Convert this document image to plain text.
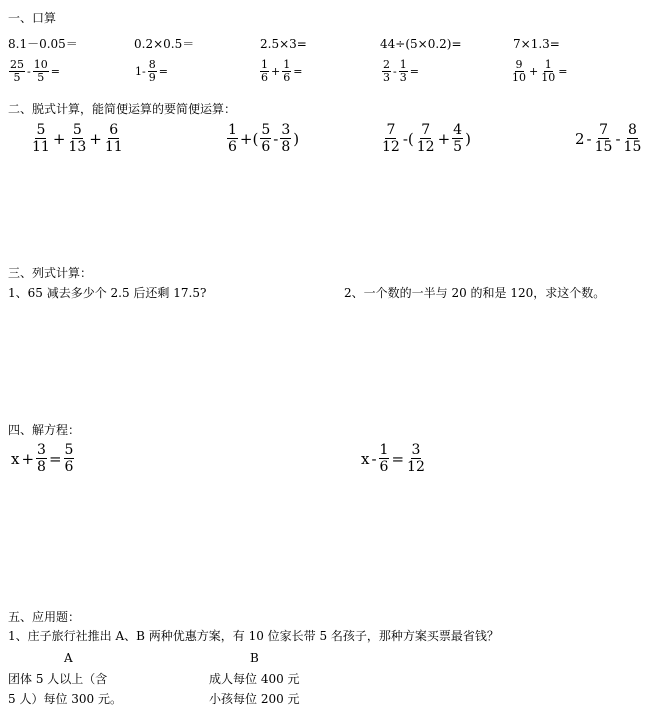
一、口算
8.1－0.05＝	0.2×0.5＝	2.5×3=	44÷(5×0.2)=	7×1.3=
$\frac{25}{5} - \frac{10}{5}$ =	$1- \frac{8}{9}$ =	$\frac{1}{6} + \frac{1}{6}$ =	$\frac{2}{3} - \frac{1}{3}$ =	$\frac{9}{10} + \frac{1}{10}$ =
二、脱式计算，能简便运算的要简便运算：
$\frac{5}{11} + \frac{5}{13} + \frac{6}{11}$	$\frac{1}{6}$ +( $\frac{5}{6} - \frac{3}{8}$ )	$\frac{7}{12}$ -( $\frac{7}{12} + \frac{4}{5}$ )	$2 - \frac{7}{15} - \frac{8}{15}$
三、列式计算：
1、65 减去多少个 2.5 后还剩 17.5?	2、一个数的一半与 20 的和是 120，求这个数。
四、解方程：
$x + \frac{3}{8} = \frac{5}{6}$	$x - \frac{1}{6} = \frac{3}{12}$
五、应用题：
1、庄子旅行社推出 A、B 两种优惠方案，有 10 位家长带 5 名孩子，那种方案买票最省钱？
A	B
团体 5 人以上（含	成人每位 400 元
5 人）每位 300 元。	小孩每位 200 元
